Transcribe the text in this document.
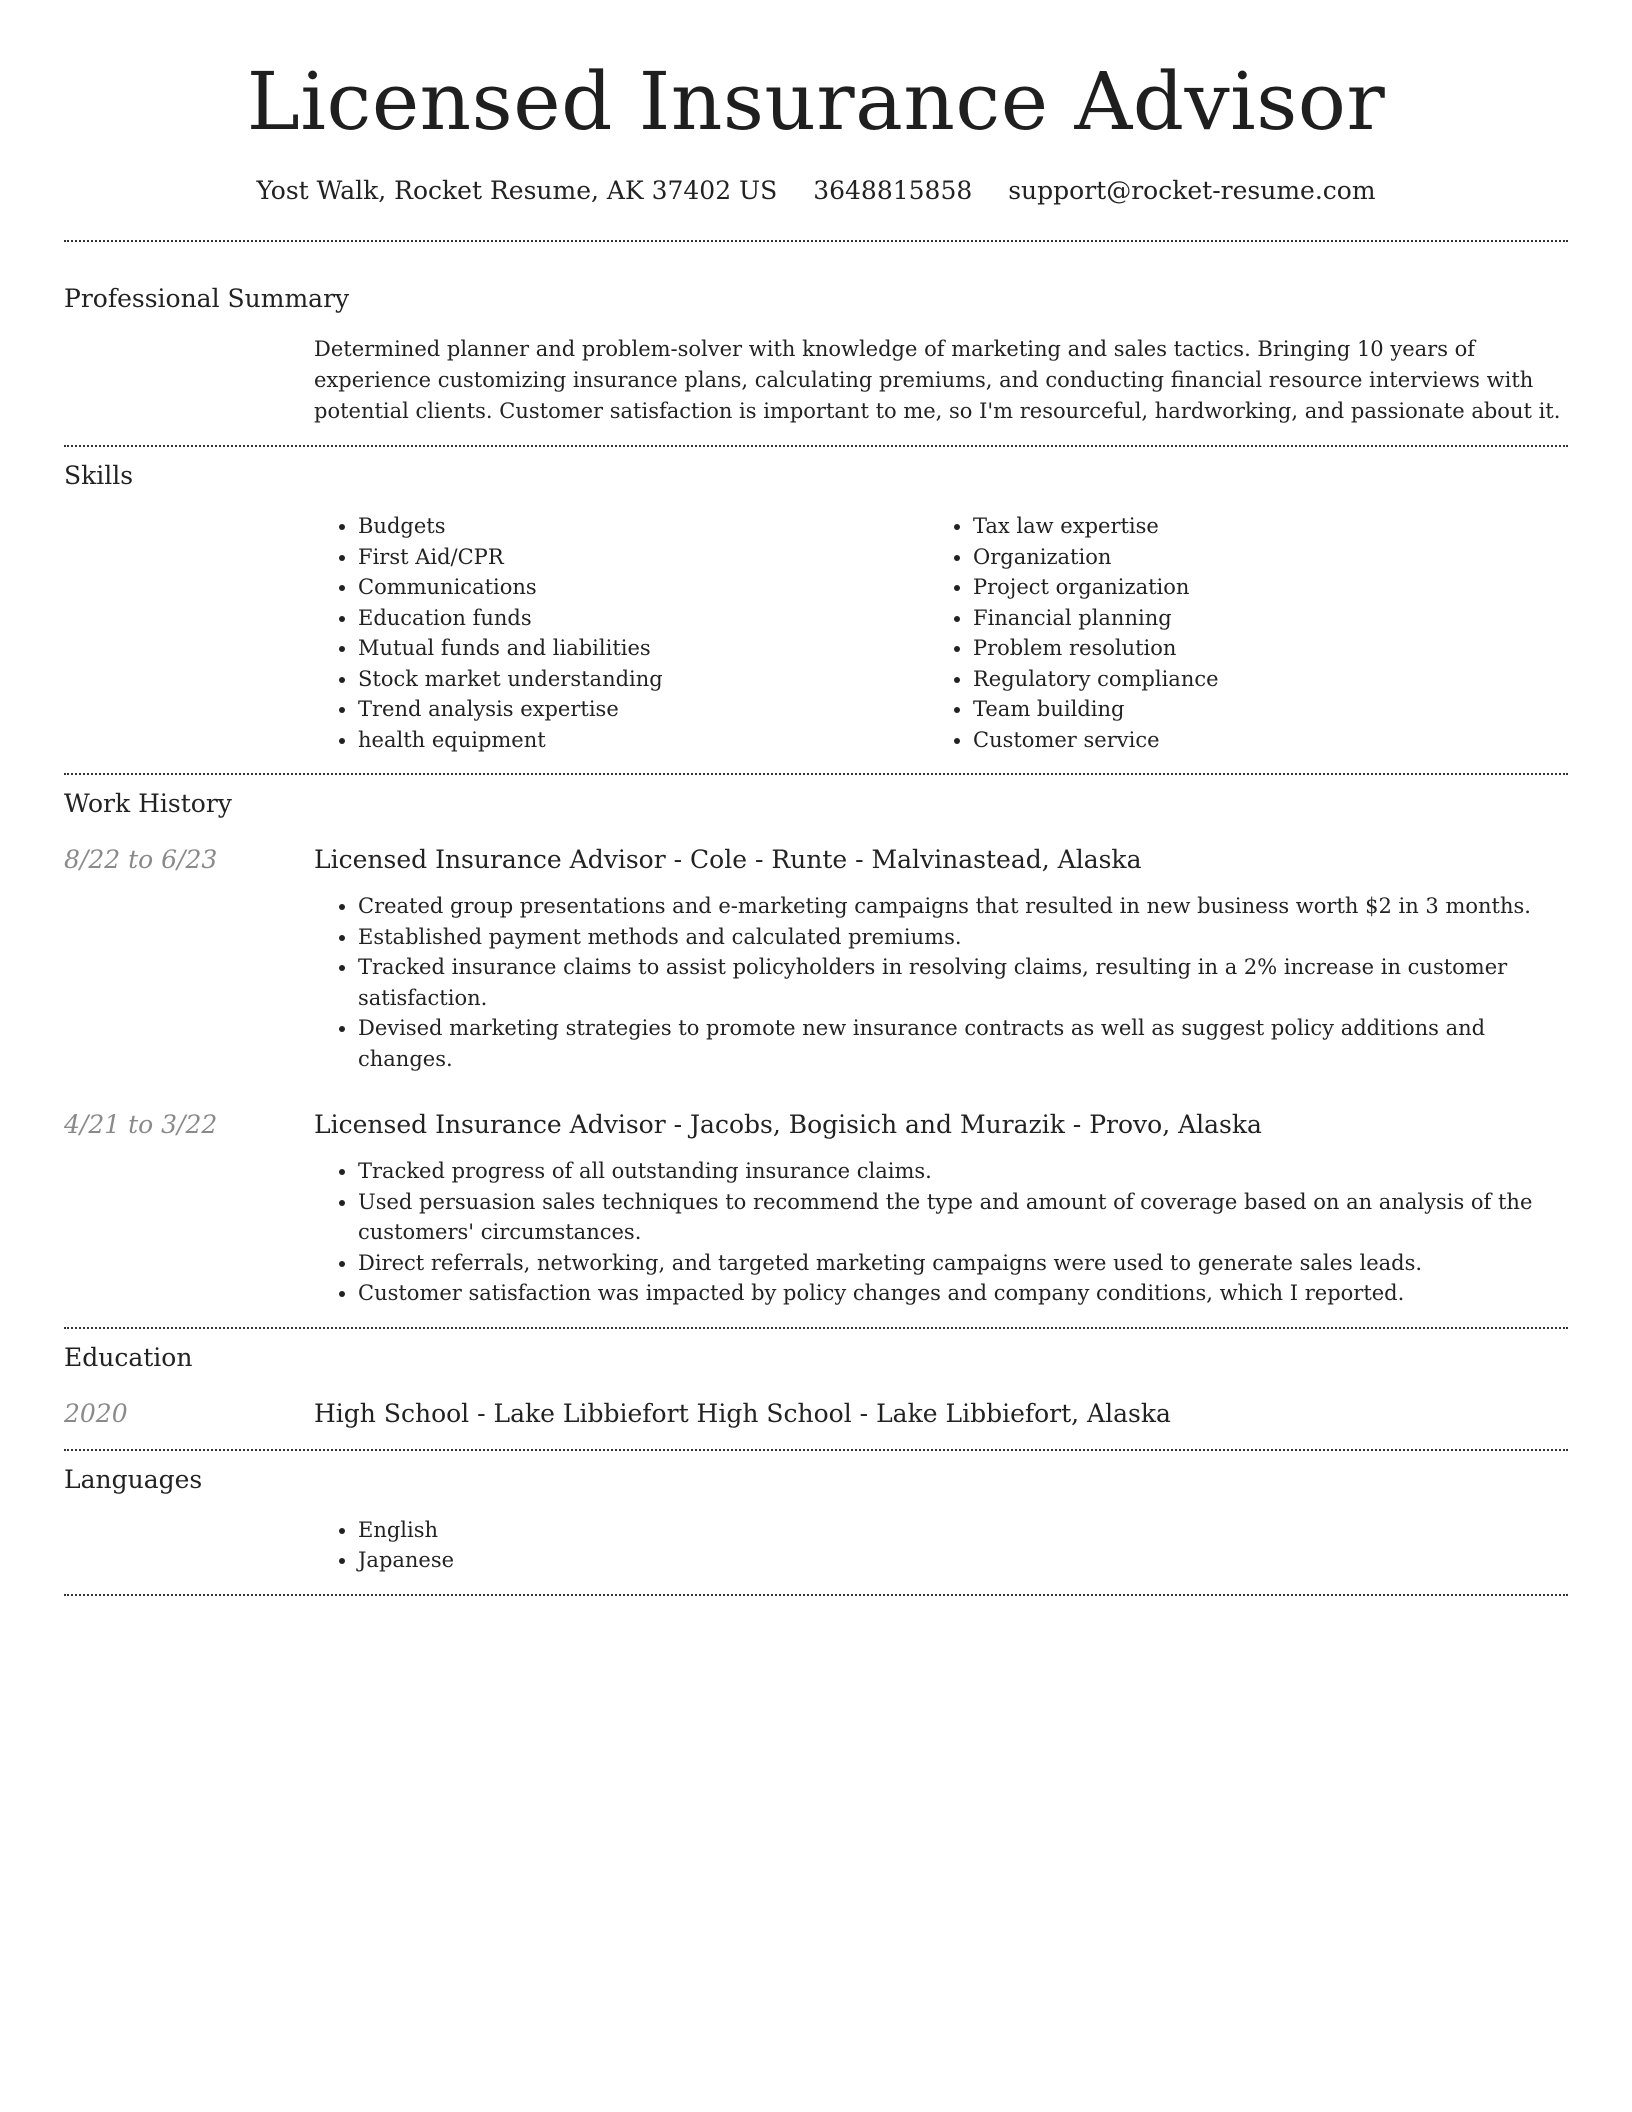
Licensed Insurance Advisor
Yost Walk, Rocket Resume, AK 37402 US 3648815858 support@rocket-resume.com
Professional Summary

Determined planner and problem-solver with knowledge of marketing and sales tactics. Bringing 10 years of experience customizing insurance plans, calculating premiums, and conducting financial resource interviews with potential clients. Customer satisfaction is important to me, so I'm resourceful, hardworking, and passionate about it.

Skills
• Budgets
• First Aid/CPR
• Communications
• Education funds
• Mutual funds and liabilities
• Stock market understanding
• Trend analysis expertise
• health equipment
• Tax law expertise
• Organization
• Project organization
• Financial planning
• Problem resolution
• Regulatory compliance
• Team building
• Customer service
Work History
8/22 to 6/23	Licensed Insurance Advisor - Cole - Runte - Malvinastead, Alaska

• Created group presentations and e-marketing campaigns that resulted in new business worth $2 in 3 months.
• Established payment methods and calculated premiums.
• Tracked insurance claims to assist policyholders in resolving claims, resulting in a 2% increase in customer satisfaction.
• Devised marketing strategies to promote new insurance contracts as well as suggest policy additions and changes.
4/21 to 3/22	Licensed Insurance Advisor - Jacobs, Bogisich and Murazik - Provo, Alaska

• Tracked progress of all outstanding insurance claims.
• Used persuasion sales techniques to recommend the type and amount of coverage based on an analysis of the customers' circumstances.
• Direct referrals, networking, and targeted marketing campaigns were used to generate sales leads.
• Customer satisfaction was impacted by policy changes and company conditions, which I reported.
Education
2020	High School - Lake Libbiefort High School - Lake Libbiefort, Alaska

Languages
• English
• Japanese
